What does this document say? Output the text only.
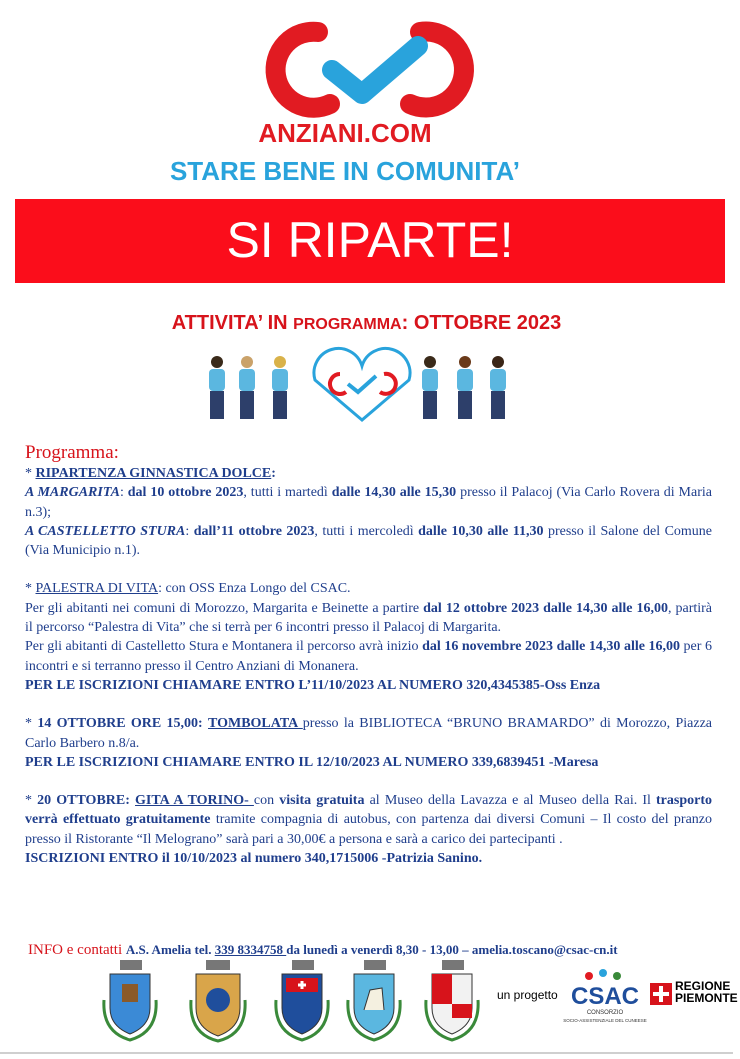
ANZIANI.COM
STARE BENE IN COMUNITA’
SI RIPARTE!
ATTIVITA’ IN PROGRAMMA: OTTOBRE 2023

Programma:

* RIPARTENZA GINNASTICA DOLCE:

A MARGARITA: dal 10 ottobre 2023, tutti i martedì dalle 14,30 alle 15,30 presso il Palacoj (Via Carlo Rovera di Maria n.3);

A CASTELLETTO STURA: dall’11 ottobre 2023, tutti i mercoledì dalle 10,30 alle 11,30 presso il Salone del Comune (Via Municipio n.1).

* PALESTRA DI VITA: con OSS Enza Longo del CSAC.

Per gli abitanti nei comuni di Morozzo, Margarita e Beinette a partire dal 12 ottobre 2023 dalle 14,30 alle 16,00, partirà il percorso “Palestra di Vita” che si terrà per 6 incontri presso il Palacoj di Margarita.

Per gli abitanti di Castelletto Stura e Montanera il percorso avrà inizio dal 16 novembre 2023 dalle 14,30 alle 16,00 per 6 incontri e si terranno presso il Centro Anziani di Monanera.

PER LE ISCRIZIONI CHIAMARE ENTRO L’11/10/2023 AL NUMERO 320,4345385-Oss Enza

* 14 OTTOBRE ORE 15,00: TOMBOLATA presso la BIBLIOTECA “BRUNO BRAMARDO” di Morozzo, Piazza Carlo Barbero n.8/a.

PER LE ISCRIZIONI CHIAMARE ENTRO IL 12/10/2023 AL NUMERO 339,6839451 -Maresa

* 20 OTTOBRE: GITA A TORINO- con visita gratuita al Museo della Lavazza e al Museo della Rai. Il trasporto verrà effettuato gratuitamente tramite compagnia di autobus, con partenza dai diversi Comuni – Il costo del pranzo presso il Ristorante “Il Melograno” sarà pari a 30,00€ a persona e sarà a carico dei partecipanti .

ISCRIZIONI ENTRO il 10/10/2023 al numero 340,1715006 -Patrizia Sanino.

INFO e contatti A.S. Amelia tel. 339 8334758 da lunedì a venerdì 8,30 - 13,00 – amelia.toscano@csac-cn.it
un progetto CSAC
CONSORZIO
SOCIO-ASSISTENZIALE DEL CUNEESE
REGIONE
PIEMONTE
